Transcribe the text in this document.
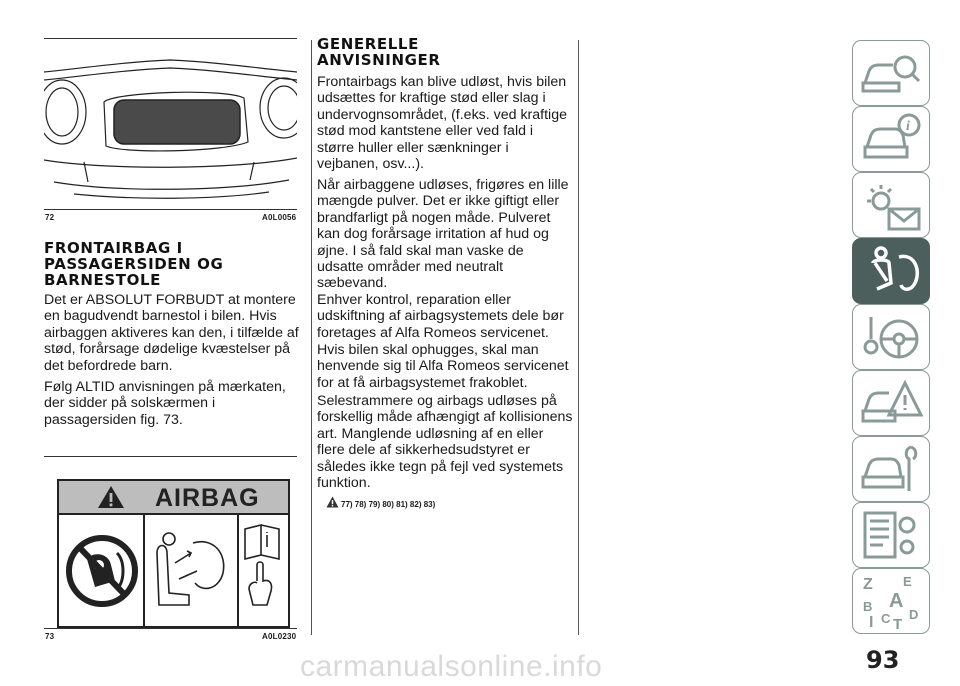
72	A0L0056
FRONTAIRBAG I PASSAGERSIDEN OG BARNESTOLE

Det er ABSOLUT FORBUDT at montere en bagudvendt barnestol i bilen. Hvis airbaggen aktiveres kan den, i tilfælde af stød, forårsage dødelige kvæstelser på det befordrede barn.

Følg ALTID anvisningen på mærkaten, der sidder på solskærmen i passagersiden fig. 73.

AIRBAG
73	A0L0230
GENERELLE ANVISNINGER

Frontairbags kan blive udløst, hvis bilen udsættes for kraftige stød eller slag i undervognsområdet, (f.eks. ved kraftige stød mod kantstene eller ved fald i større huller eller sænkninger i vejbanen, osv...).

Når airbaggene udløses, frigøres en lille mængde pulver. Det er ikke giftigt eller brandfarligt på nogen måde. Pulveret kan dog forårsage irritation af hud og øjne. I så fald skal man vaske de udsatte områder med neutralt sæbevand.

Enhver kontrol, reparation eller udskiftning af airbagsystemets dele bør foretages af Alfa Romeos servicenet.

Hvis bilen skal ophugges, skal man henvende sig til Alfa Romeos servicenet for at få airbagsystemet frakoblet.

Selestrammere og airbags udløses på forskellig måde afhængigt af kollisionens art. Manglende udløsning af en eller flere dele af sikkerhedsudstyret er således ikke tegn på fejl ved systemets funktion.

77) 78) 79) 80) 81) 82) 83)
i
Z E
A
B
I C T
D
93
carmanualsonline.info
